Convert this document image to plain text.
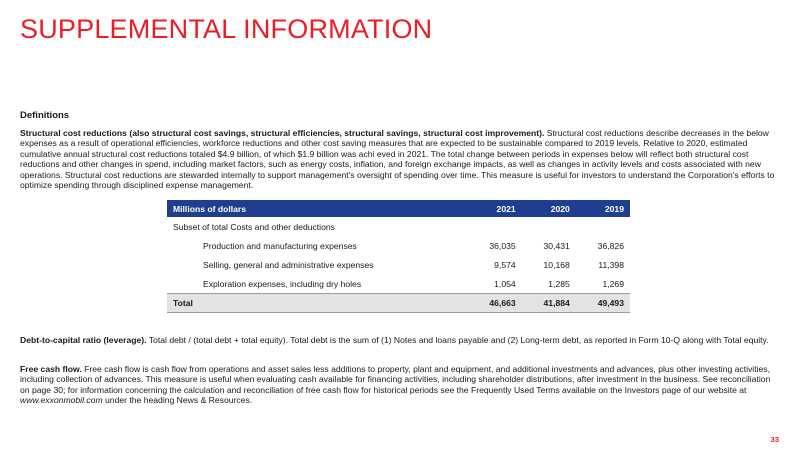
SUPPLEMENTAL INFORMATION
Definitions
Structural cost reductions (also structural cost savings, structural efficiencies, structural savings, structural cost improvement). Structural cost reductions describe decreases in the below expenses as a result of operational efficiencies, workforce reductions and other cost saving measures that are expected to be sustainable compared to 2019 levels. Relative to 2020, estimated cumulative annual structural cost reductions totaled $4.9 billion, of which $1.9 billion was achi eved in 2021. The total change between periods in expenses below will reflect both structural cost reductions and other changes in spend, including market factors, such as energy costs, inflation, and foreign exchange impacts, as well as changes in activity levels and costs associated with new operations. Structural cost reductions are stewarded internally to support management's oversight of spending over time. This measure is useful for investors to understand the Corporation's efforts to optimize spending through disciplined expense management.
Millions of dollars	2021	2020	2019
Subset of total Costs and other deductions			
Production and manufacturing expenses	36,035	30,431	36,826
Selling, general and administrative expenses	9,574	10,168	11,398
Exploration expenses, including dry holes	1,054	1,285	1,269
Total	46,663	41,884	49,493
Debt-to-capital ratio (leverage). Total debt / (total debt + total equity). Total debt is the sum of (1) Notes and loans payable and (2) Long-term debt, as reported in Form 10-Q along with Total equity.
Free cash flow. Free cash flow is cash flow from operations and asset sales less additions to property, plant and equipment, and additional investments and advances, plus other investing activities, including collection of advances. This measure is useful when evaluating cash available for financing activities, including shareholder distributions, after investment in the business. See reconciliation on page 30; for information concerning the calculation and reconciliation of free cash flow for historical periods see the Frequently Used Terms available on the Investors page of our website at www.exxonmobil.com under the heading News & Resources.
33
